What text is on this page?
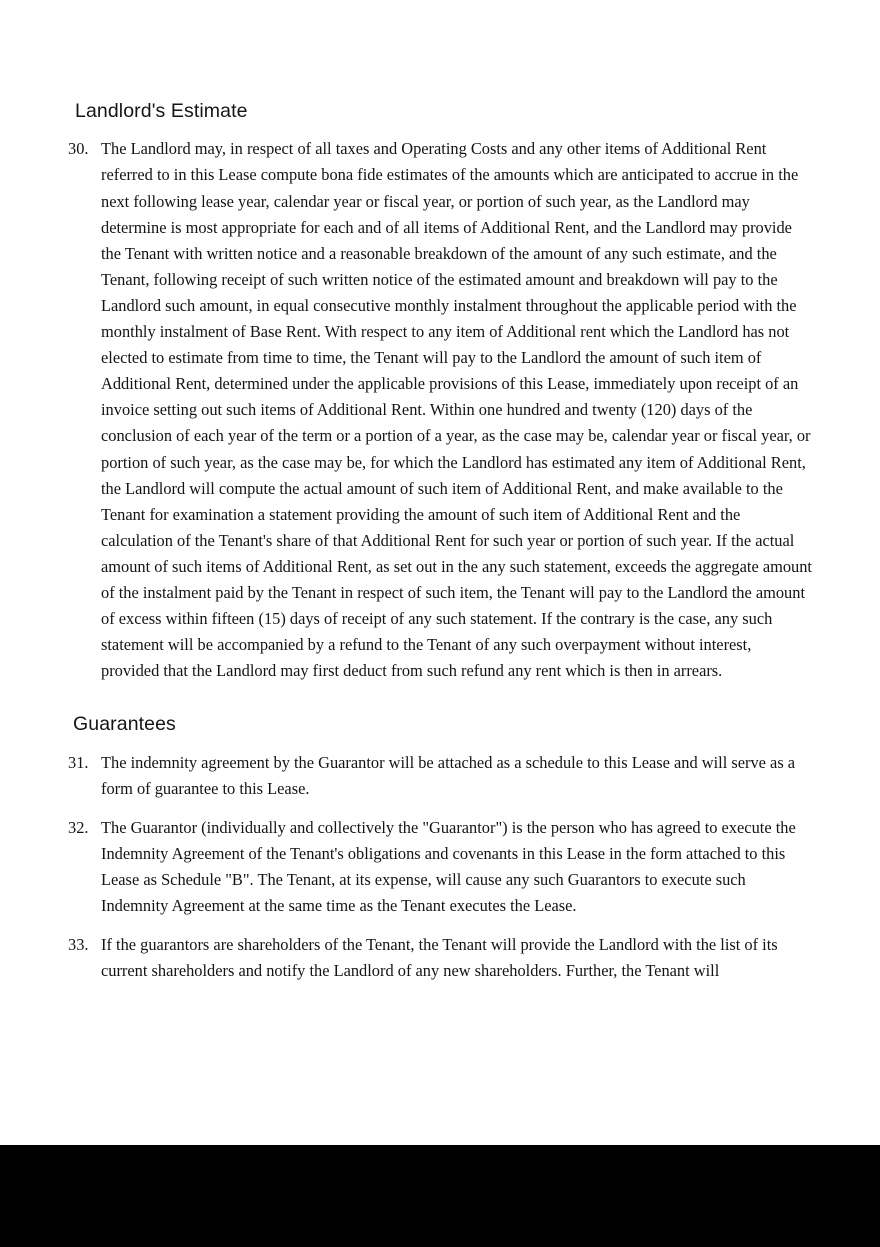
Landlord's Estimate
30. The Landlord may, in respect of all taxes and Operating Costs and any other items of Additional Rent referred to in this Lease compute bona fide estimates of the amounts which are anticipated to accrue in the next following lease year, calendar year or fiscal year, or portion of such year, as the Landlord may determine is most appropriate for each and of all items of Additional Rent, and the Landlord may provide the Tenant with written notice and a reasonable breakdown of the amount of any such estimate, and the Tenant, following receipt of such written notice of the estimated amount and breakdown will pay to the Landlord such amount, in equal consecutive monthly instalment throughout the applicable period with the monthly instalment of Base Rent. With respect to any item of Additional rent which the Landlord has not elected to estimate from time to time, the Tenant will pay to the Landlord the amount of such item of Additional Rent, determined under the applicable provisions of this Lease, immediately upon receipt of an invoice setting out such items of Additional Rent. Within one hundred and twenty (120) days of the conclusion of each year of the term or a portion of a year, as the case may be, calendar year or fiscal year, or portion of such year, as the case may be, for which the Landlord has estimated any item of Additional Rent, the Landlord will compute the actual amount of such item of Additional Rent, and make available to the Tenant for examination a statement providing the amount of such item of Additional Rent and the calculation of the Tenant's share of that Additional Rent for such year or portion of such year. If the actual amount of such items of Additional Rent, as set out in the any such statement, exceeds the aggregate amount of the instalment paid by the Tenant in respect of such item, the Tenant will pay to the Landlord the amount of excess within fifteen (15) days of receipt of any such statement. If the contrary is the case, any such statement will be accompanied by a refund to the Tenant of any such overpayment without interest, provided that the Landlord may first deduct from such refund any rent which is then in arrears.
Guarantees
31. The indemnity agreement by the Guarantor will be attached as a schedule to this Lease and will serve as a form of guarantee to this Lease.
32. The Guarantor (individually and collectively the "Guarantor") is the person who has agreed to execute the Indemnity Agreement of the Tenant's obligations and covenants in this Lease in the form attached to this Lease as Schedule "B". The Tenant, at its expense, will cause any such Guarantors to execute such Indemnity Agreement at the same time as the Tenant executes the Lease.
33. If the guarantors are shareholders of the Tenant, the Tenant will provide the Landlord with the list of its current shareholders and notify the Landlord of any new shareholders. Further, the Tenant will
